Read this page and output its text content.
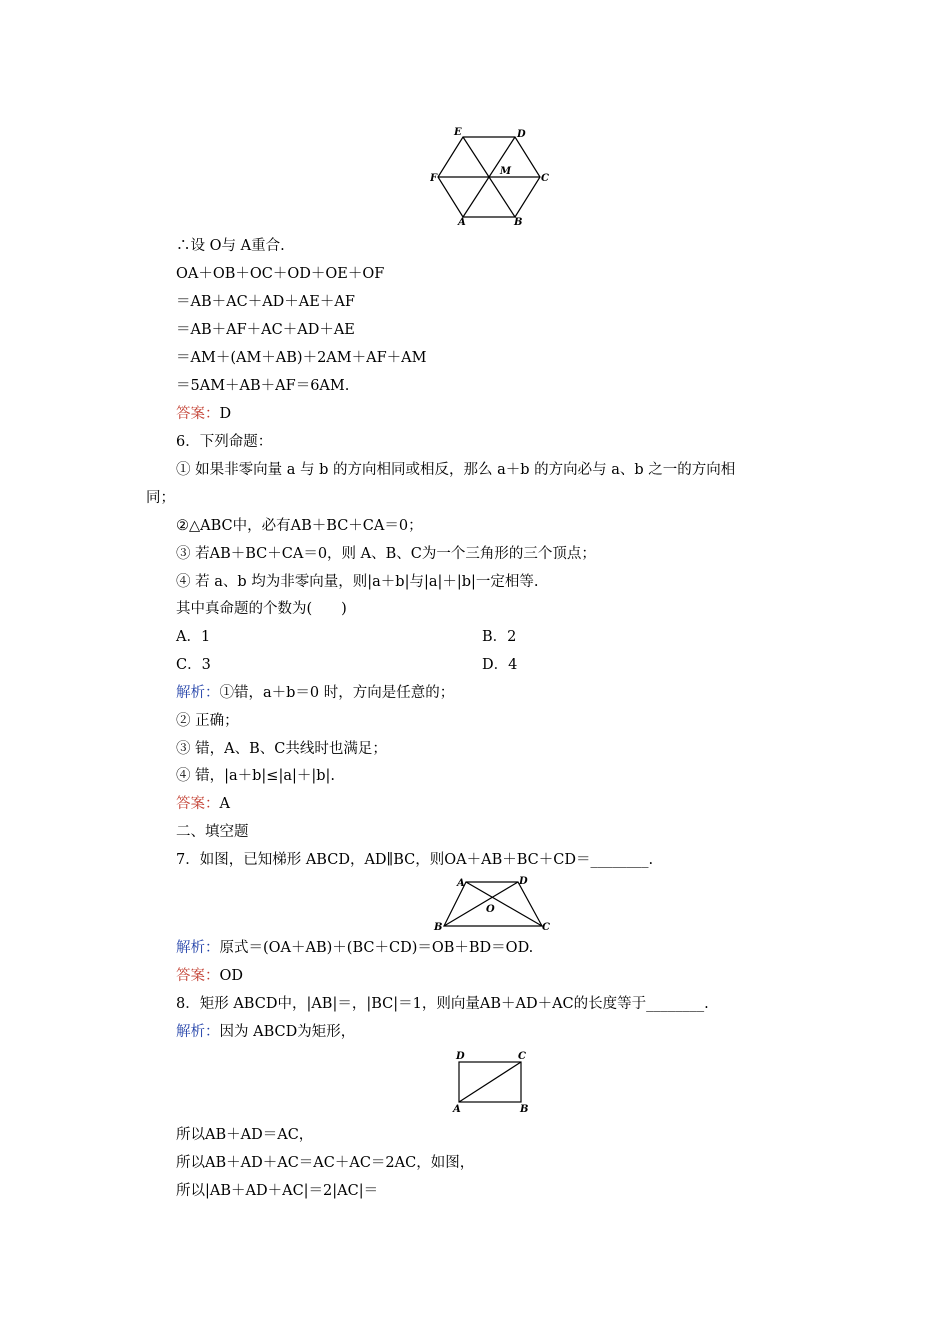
E	D
F
M
C
A	B
∴设 O与 A重合.
OA＋OB＋OC＋OD＋OE＋OF
＝AB＋AC＋AD＋AE＋AF
＝AB＋AF＋AC＋AD＋AE
＝AM＋(AM＋AB)＋2AM＋AF＋AM
＝5AM＋AB＋AF＝6AM.
答案：D
6．下列命题：
① 如果非零向量 a 与 b 的方向相同或相反，那么 a＋b 的方向必与 a、b 之一的方向相
同；
②△ABC中，必有AB＋BC＋CA＝0；
③ 若AB＋BC＋CA＝0，则 A、B、C为一个三角形的三个顶点；
④ 若 a、b 均为非零向量，则|a＋b|与|a|＋|b|一定相等.
其中真命题的个数为(　　)
A．1	B．2
C．3	D．4
解析：①错，a＋b＝0 时，方向是任意的；
② 正确；
③ 错，A、B、C共线时也满足；
④ 错，|a＋b|≤|a|＋|b|.
答案：A
二、填空题
7．如图，已知梯形 ABCD，AD∥BC，则OA＋AB＋BC＋CD＝________.
A	D
O
B	C
解析：原式＝(OA＋AB)＋(BC＋CD)＝OB＋BD＝OD.
答案：OD
8．矩形 ABCD中，|AB|＝，|BC|＝1，则向量AB＋AD＋AC的长度等于________.
解析：因为 ABCD为矩形，
D	C
A	B
所以AB＋AD＝AC，
所以AB＋AD＋AC＝AC＋AC＝2AC，如图，
所以|AB＋AD＋AC|＝2|AC|＝
